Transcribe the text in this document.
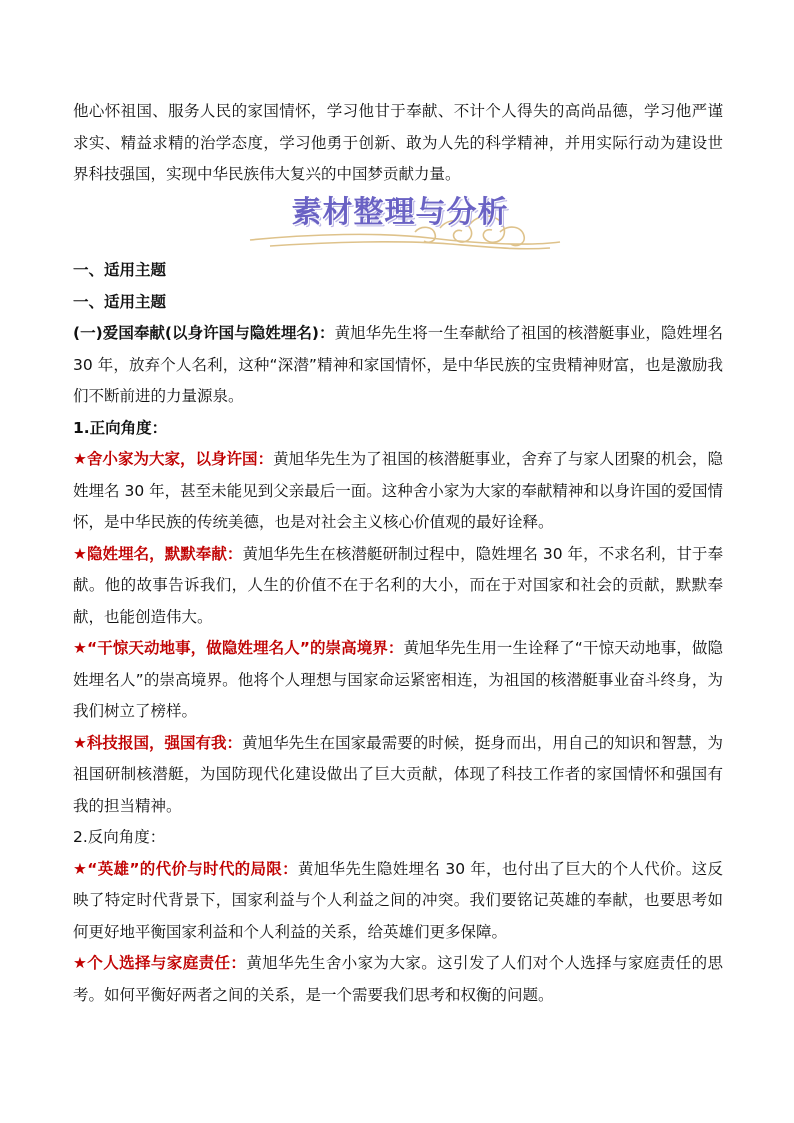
他心怀祖国、服务人民的家国情怀，学习他甘于奉献、不计个人得失的高尚品德，学习他严谨求实、精益求精的治学态度，学习他勇于创新、敢为人先的科学精神，并用实际行动为建设世界科技强国，实现中华民族伟大复兴的中国梦贡献力量。

素材整理与分析

一、适用主题

一、适用主题

(一)爱国奉献(以身许国与隐姓埋名)：黄旭华先生将一生奉献给了祖国的核潜艇事业，隐姓埋名 30 年，放弃个人名利，这种“深潜”精神和家国情怀，是中华民族的宝贵精神财富，也是激励我们不断前进的力量源泉。

1.正向角度：

★舍小家为大家，以身许国：黄旭华先生为了祖国的核潜艇事业，舍弃了与家人团聚的机会，隐姓埋名 30 年，甚至未能见到父亲最后一面。这种舍小家为大家的奉献精神和以身许国的爱国情怀，是中华民族的传统美德，也是对社会主义核心价值观的最好诠释。

★隐姓埋名，默默奉献：黄旭华先生在核潜艇研制过程中，隐姓埋名 30 年，不求名利，甘于奉献。他的故事告诉我们，人生的价值不在于名利的大小，而在于对国家和社会的贡献，默默奉献，也能创造伟大。

★“干惊天动地事，做隐姓埋名人”的崇高境界：黄旭华先生用一生诠释了“干惊天动地事，做隐姓埋名人”的崇高境界。他将个人理想与国家命运紧密相连，为祖国的核潜艇事业奋斗终身，为我们树立了榜样。

★科技报国，强国有我：黄旭华先生在国家最需要的时候，挺身而出，用自己的知识和智慧，为祖国研制核潜艇，为国防现代化建设做出了巨大贡献，体现了科技工作者的家国情怀和强国有我的担当精神。

2.反向角度：

★“英雄”的代价与时代的局限：黄旭华先生隐姓埋名 30 年，也付出了巨大的个人代价。这反映了特定时代背景下，国家利益与个人利益之间的冲突。我们要铭记英雄的奉献，也要思考如何更好地平衡国家利益和个人利益的关系，给英雄们更多保障。

★个人选择与家庭责任：黄旭华先生舍小家为大家。这引发了人们对个人选择与家庭责任的思考。如何平衡好两者之间的关系，是一个需要我们思考和权衡的问题。
